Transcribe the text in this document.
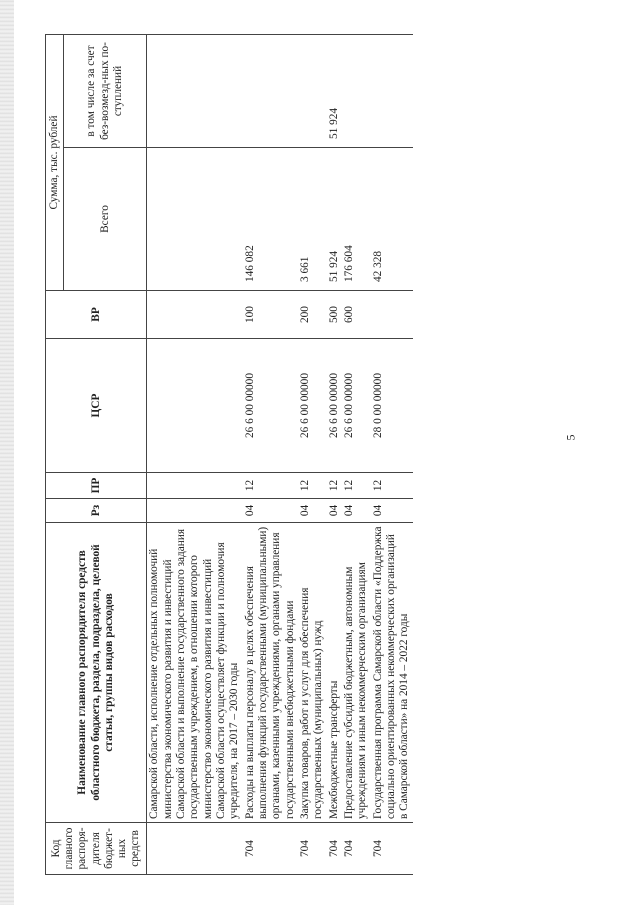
5
Код главного распоря-дителя бюджет-ных средств	Наименование главного распорядителя средств областного бюджета, раздела, подраздела, целевой статьи, группы видов расходов	Рз	ПР	ЦСР	ВР	Сумма, тыс. рублей	
						Всего	в том числе за счет без-возмезд-ных по-ступлений
	Самарской области, исполнение отдельных полномочий министерства экономического развития и инвестиций Самарской области и выполнение государственного задания государственным учреждением, в отношении которого министерство экономического развития и инвестиций Самарской области осуществляет функции и полномочия учредителя, на 2017 – 2030 годы						
704	Расходы на выплаты персоналу в целях обеспечения выполнения функций государственными (муниципальными) органами, казенными учреждениями, органами управления государственными внебюджетными фондами	04	12	26 6 00 00000	100	146 082	
704	Закупка товаров, работ и услуг для обеспечения государственных (муниципальных) нужд	04	12	26 6 00 00000	200	3 661	
704	Межбюджетные трансферты	04	12	26 6 00 00000	500	51 924	51 924
704	Предоставление субсидий бюджетным, автономным учреждениям и иным некоммерческим организациям	04	12	26 6 00 00000	600	176 604	
704	Государственная программа Самарской области «Поддержка социально ориентированных некоммерческих организаций в Самарской области» на 2014 – 2022 годы	04	12	28 0 00 00000		42 328	
